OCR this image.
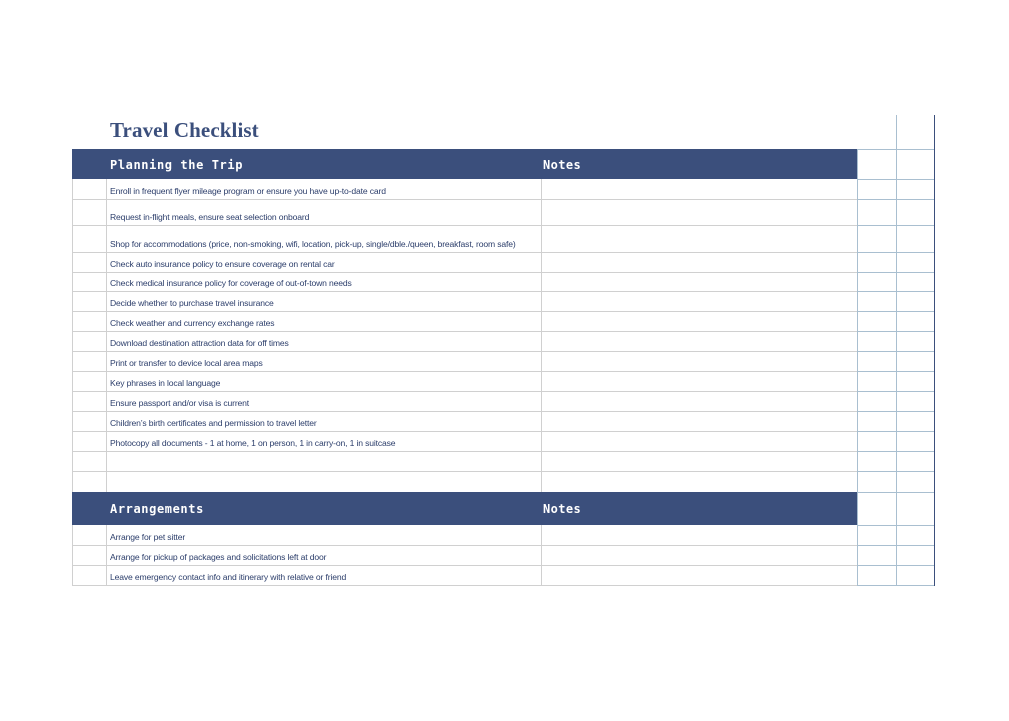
Travel Checklist
Planning the Trip	Notes
Enroll in frequent flyer mileage program or ensure you have up-to-date card
Request in-flight meals, ensure seat selection onboard
Shop for accommodations (price, non-smoking, wifi, location, pick-up, single/dble./queen, breakfast, room safe)
Check auto insurance policy to ensure coverage on rental car
Check medical insurance policy for coverage of out-of-town needs
Decide whether to purchase travel insurance
Check weather and currency exchange rates
Download destination attraction data for off times
Print or transfer to device local area maps
Key phrases in local language
Ensure passport and/or visa is current
Children’s birth certificates and permission to travel letter
Photocopy all documents - 1 at home, 1 on person, 1 in carry-on, 1 in suitcase
Arrangements	Notes
Arrange for pet sitter
Arrange for pickup of packages and solicitations left at door
Leave emergency contact info and itinerary with relative or friend
